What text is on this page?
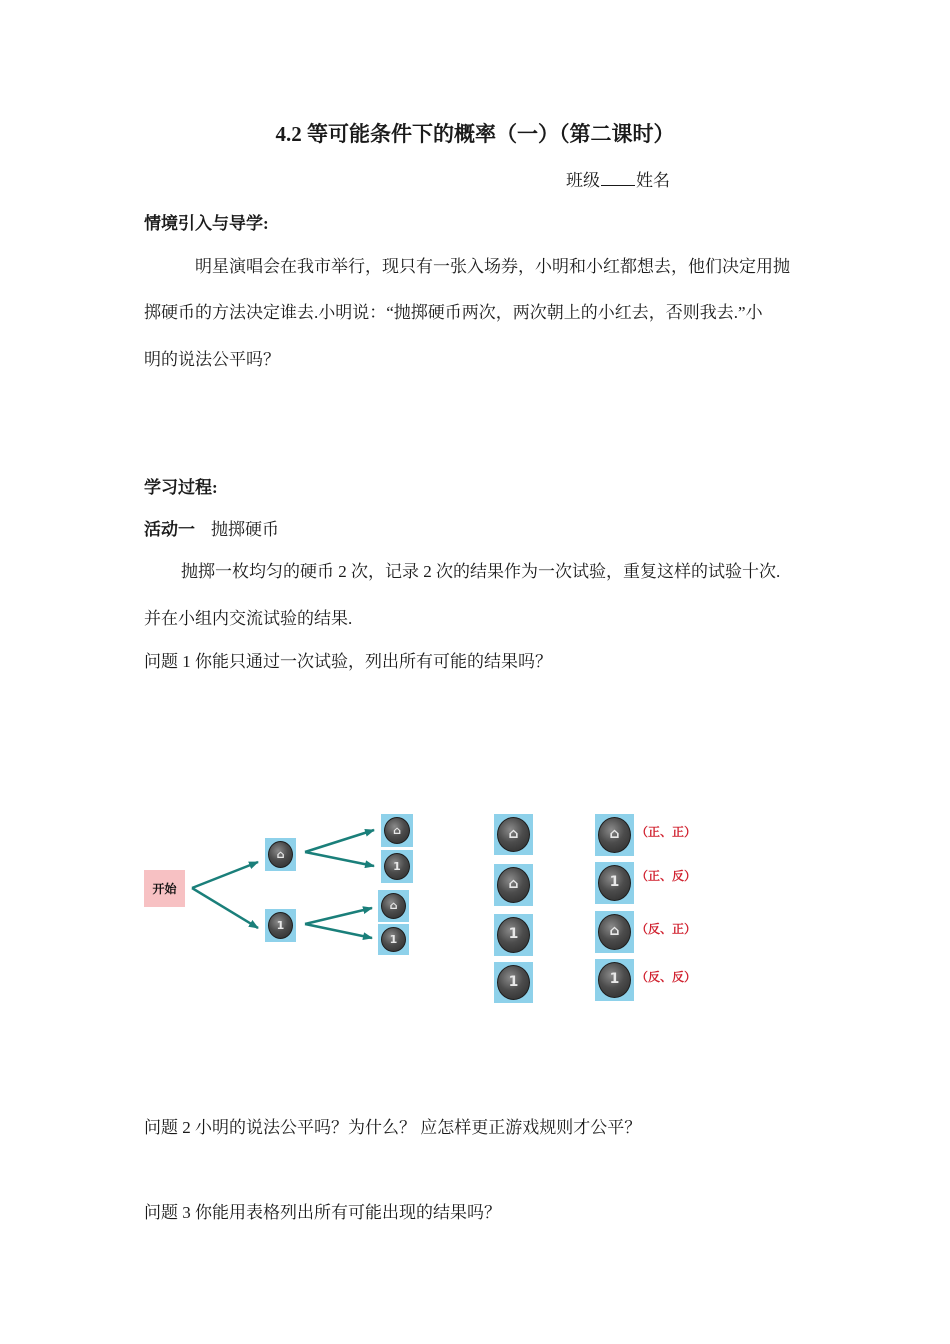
4.2 等可能条件下的概率（一）（第二课时）
班级 姓名
情境引入与导学:
明星演唱会在我市举行，现只有一张入场券，小明和小红都想去，他们决定用抛
掷硬币的方法决定谁去.小明说：“抛掷硬币两次，两次朝上的小红去，否则我去.”小
明的说法公平吗？
学习过程:
活动一 抛掷硬币
抛掷一枚均匀的硬币 2 次，记录 2 次的结果作为一次试验，重复这样的试验十次.
并在小组内交流试验的结果.
问题 1 你能只通过一次试验，列出所有可能的结果吗？
开始
⌂
1
⌂
1
⌂
1
⌂
⌂
1
1
⌂
1
⌂
1
（正、正）
（正、反）
（反、正）
（反、反）
问题 2 小明的说法公平吗？为什么？ 应怎样更正游戏规则才公平？
问题 3 你能用表格列出所有可能出现的结果吗？
